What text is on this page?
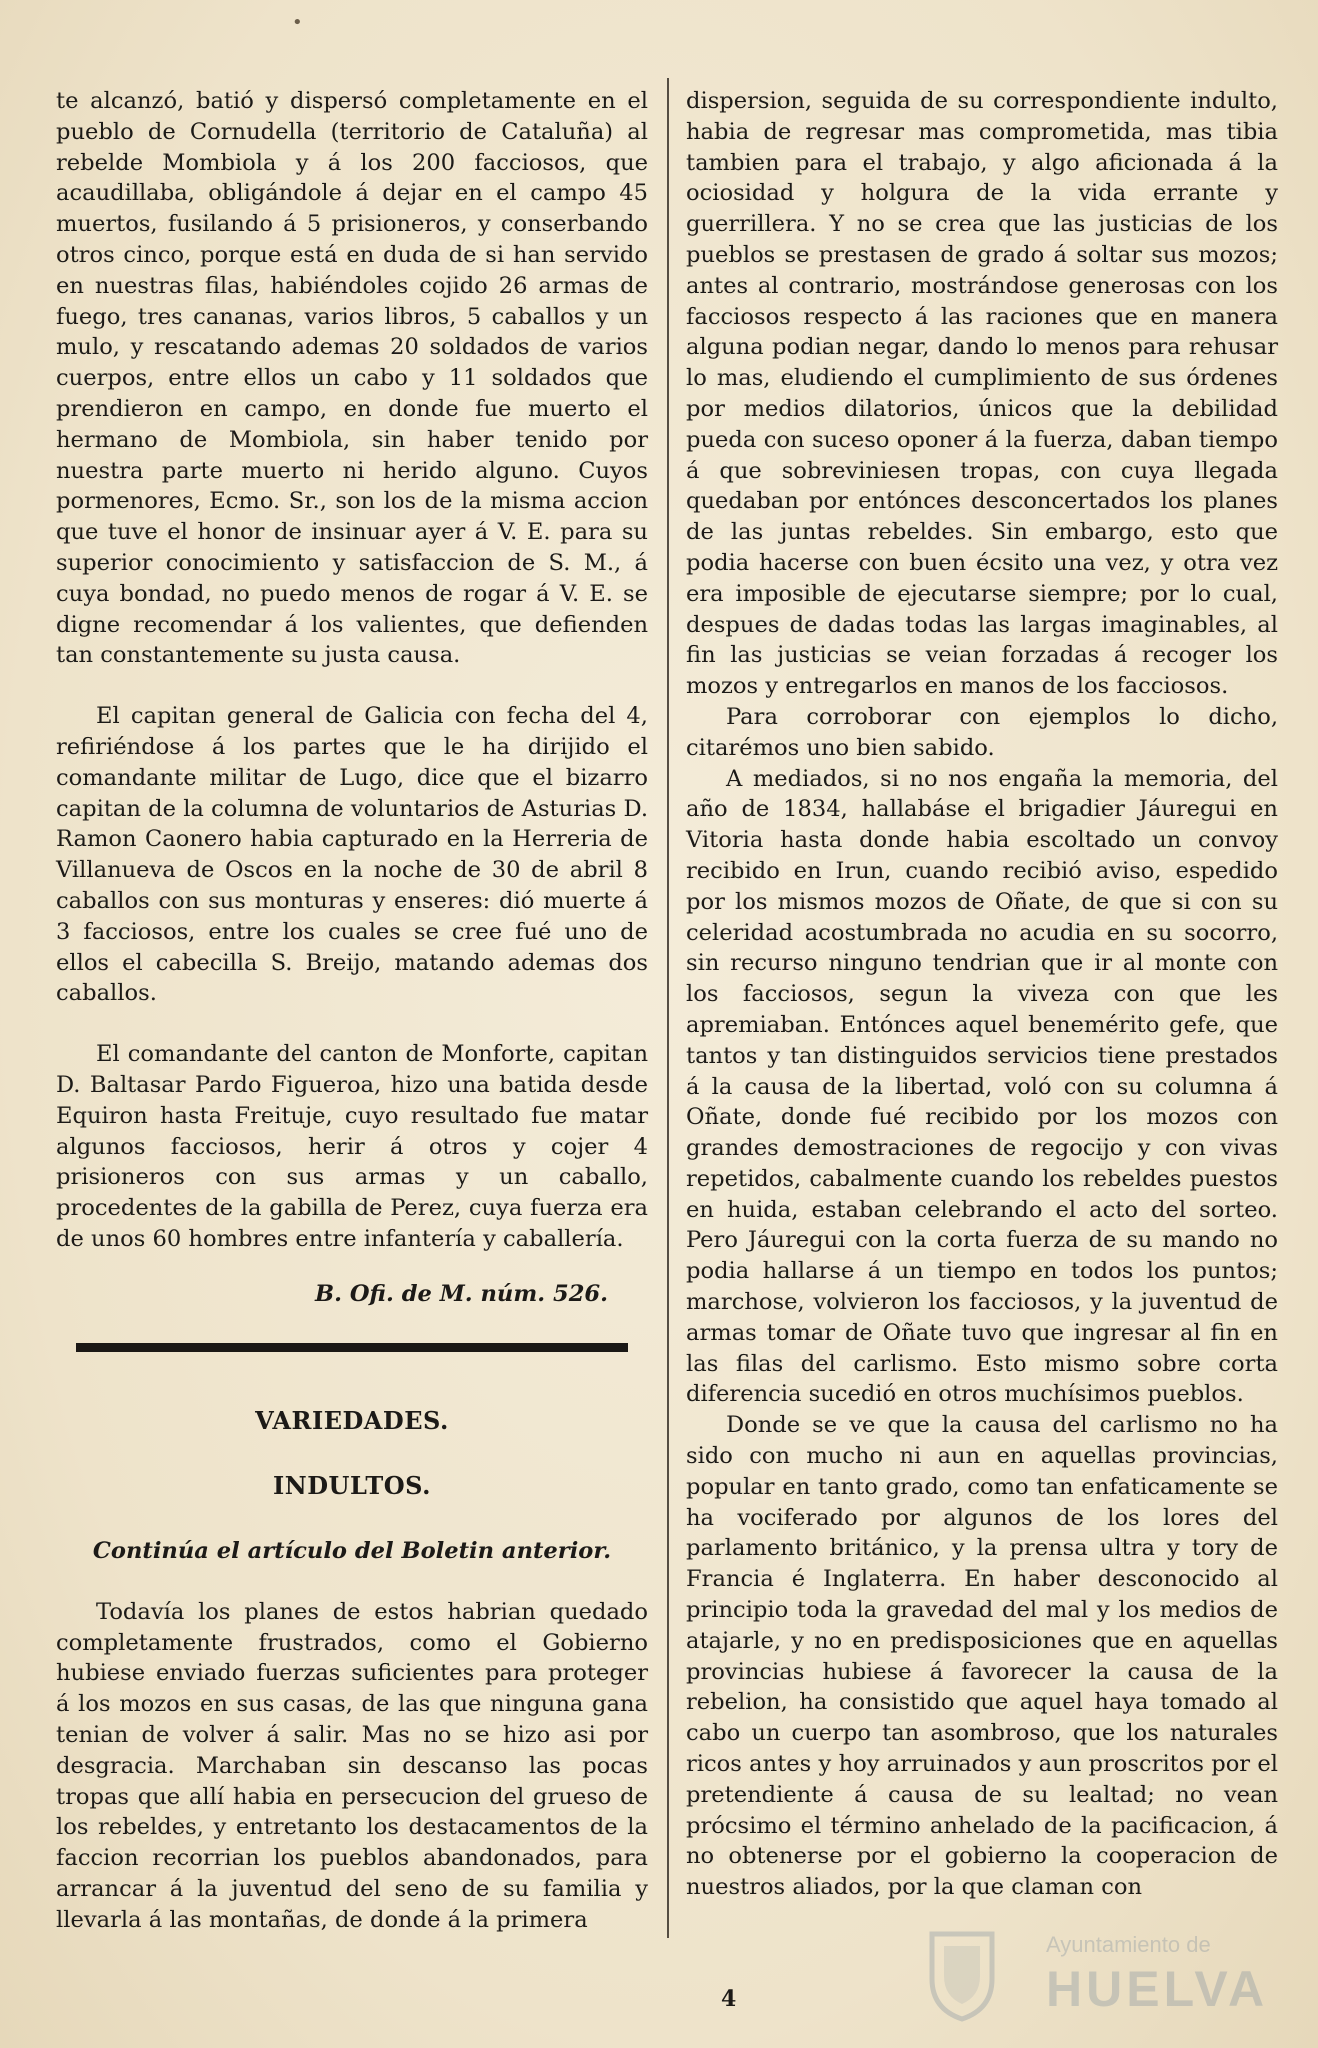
•

te alcanzó, batió y dispersó completamente en el pueblo de Cornudella (territorio de Cataluña) al rebelde Mombiola y á los 200 facciosos, que acaudillaba, obligándole á dejar en el campo 45 muertos, fusilando á 5 prisioneros, y conserbando otros cinco, porque está en duda de si han servido en nuestras filas, habiéndoles cojido 26 armas de fuego, tres cananas, varios libros, 5 caballos y un mulo, y rescatando ademas 20 soldados de varios cuerpos, entre ellos un cabo y 11 soldados que prendieron en campo, en donde fue muerto el hermano de Mombiola, sin haber tenido por nuestra parte muerto ni herido alguno. Cuyos pormenores, Ecmo. Sr., son los de la misma accion que tuve el honor de insinuar ayer á V. E. para su superior conocimiento y satisfaccion de S. M., á cuya bondad, no puedo menos de rogar á V. E. se digne recomendar á los valientes, que defienden tan constantemente su justa causa.

El capitan general de Galicia con fecha del 4, refiriéndose á los partes que le ha dirijido el comandante militar de Lugo, dice que el bizarro capitan de la columna de voluntarios de Asturias D. Ramon Caonero habia capturado en la Herreria de Villanueva de Oscos en la noche de 30 de abril 8 caballos con sus monturas y enseres: dió muerte á 3 facciosos, entre los cuales se cree fué uno de ellos el cabecilla S. Breijo, matando ademas dos caballos.

El comandante del canton de Monforte, capitan D. Baltasar Pardo Figueroa, hizo una batida desde Equiron hasta Freituje, cuyo resultado fue matar algunos facciosos, herir á otros y cojer 4 prisioneros con sus armas y un caballo, procedentes de la gabilla de Perez, cuya fuerza era de unos 60 hombres entre infantería y caballería.

B. Ofi. de M. núm. 526.

VARIEDADES.

INDULTOS.

Continúa el artículo del Boletin anterior.

Todavía los planes de estos habrian quedado completamente frustrados, como el Gobierno hubiese enviado fuerzas suficientes para proteger á los mozos en sus casas, de las que ninguna gana tenian de volver á salir. Mas no se hizo asi por desgracia. Marchaban sin descanso las pocas tropas que allí habia en persecucion del grueso de los rebeldes, y entretanto los destacamentos de la faccion recorrian los pueblos abandonados, para arrancar á la juventud del seno de su familia y llevarla á las montañas, de donde á la primera

dispersion, seguida de su correspondiente indulto, habia de regresar mas comprometida, mas tibia tambien para el trabajo, y algo aficionada á la ociosidad y holgura de la vida errante y guerrillera. Y no se crea que las justicias de los pueblos se prestasen de grado á soltar sus mozos; antes al contrario, mostrándose generosas con los facciosos respecto á las raciones que en manera alguna podian negar, dando lo menos para rehusar lo mas, eludiendo el cumplimiento de sus órdenes por medios dilatorios, únicos que la debilidad pueda con suceso oponer á la fuerza, daban tiempo á que sobreviniesen tropas, con cuya llegada quedaban por entónces desconcertados los planes de las juntas rebeldes. Sin embargo, esto que podia hacerse con buen écsito una vez, y otra vez era imposible de ejecutarse siempre; por lo cual, despues de dadas todas las largas imaginables, al fin las justicias se veian forzadas á recoger los mozos y entregarlos en manos de los facciosos.

Para corroborar con ejemplos lo dicho, citarémos uno bien sabido.

A mediados, si no nos engaña la memoria, del año de 1834, hallabáse el brigadier Jáuregui en Vitoria hasta donde habia escoltado un convoy recibido en Irun, cuando recibió aviso, espedido por los mismos mozos de Oñate, de que si con su celeridad acostumbrada no acudia en su socorro, sin recurso ninguno tendrian que ir al monte con los facciosos, segun la viveza con que les apremiaban. Entónces aquel benemérito gefe, que tantos y tan distinguidos servicios tiene prestados á la causa de la libertad, voló con su columna á Oñate, donde fué recibido por los mozos con grandes demostraciones de regocijo y con vivas repetidos, cabalmente cuando los rebeldes puestos en huida, estaban celebrando el acto del sorteo. Pero Jáuregui con la corta fuerza de su mando no podia hallarse á un tiempo en todos los puntos; marchose, volvieron los facciosos, y la juventud de armas tomar de Oñate tuvo que ingresar al fin en las filas del carlismo. Esto mismo sobre corta diferencia sucedió en otros muchísimos pueblos.

Donde se ve que la causa del carlismo no ha sido con mucho ni aun en aquellas provincias, popular en tanto grado, como tan enfaticamente se ha vociferado por algunos de los lores del parlamento británico, y la prensa ultra y tory de Francia é Inglaterra. En haber desconocido al principio toda la gravedad del mal y los medios de atajarle, y no en predisposiciones que en aquellas provincias hubiese á favorecer la causa de la rebelion, ha consistido que aquel haya tomado al cabo un cuerpo tan asombroso, que los naturales ricos antes y hoy arruinados y aun proscritos por el pretendiente á causa de su lealtad; no vean prócsimo el término anhelado de la pacificacion, á no obtenerse por el gobierno la cooperacion de nuestros aliados, por la que claman con

4
Ayuntamiento de
HUELVA
